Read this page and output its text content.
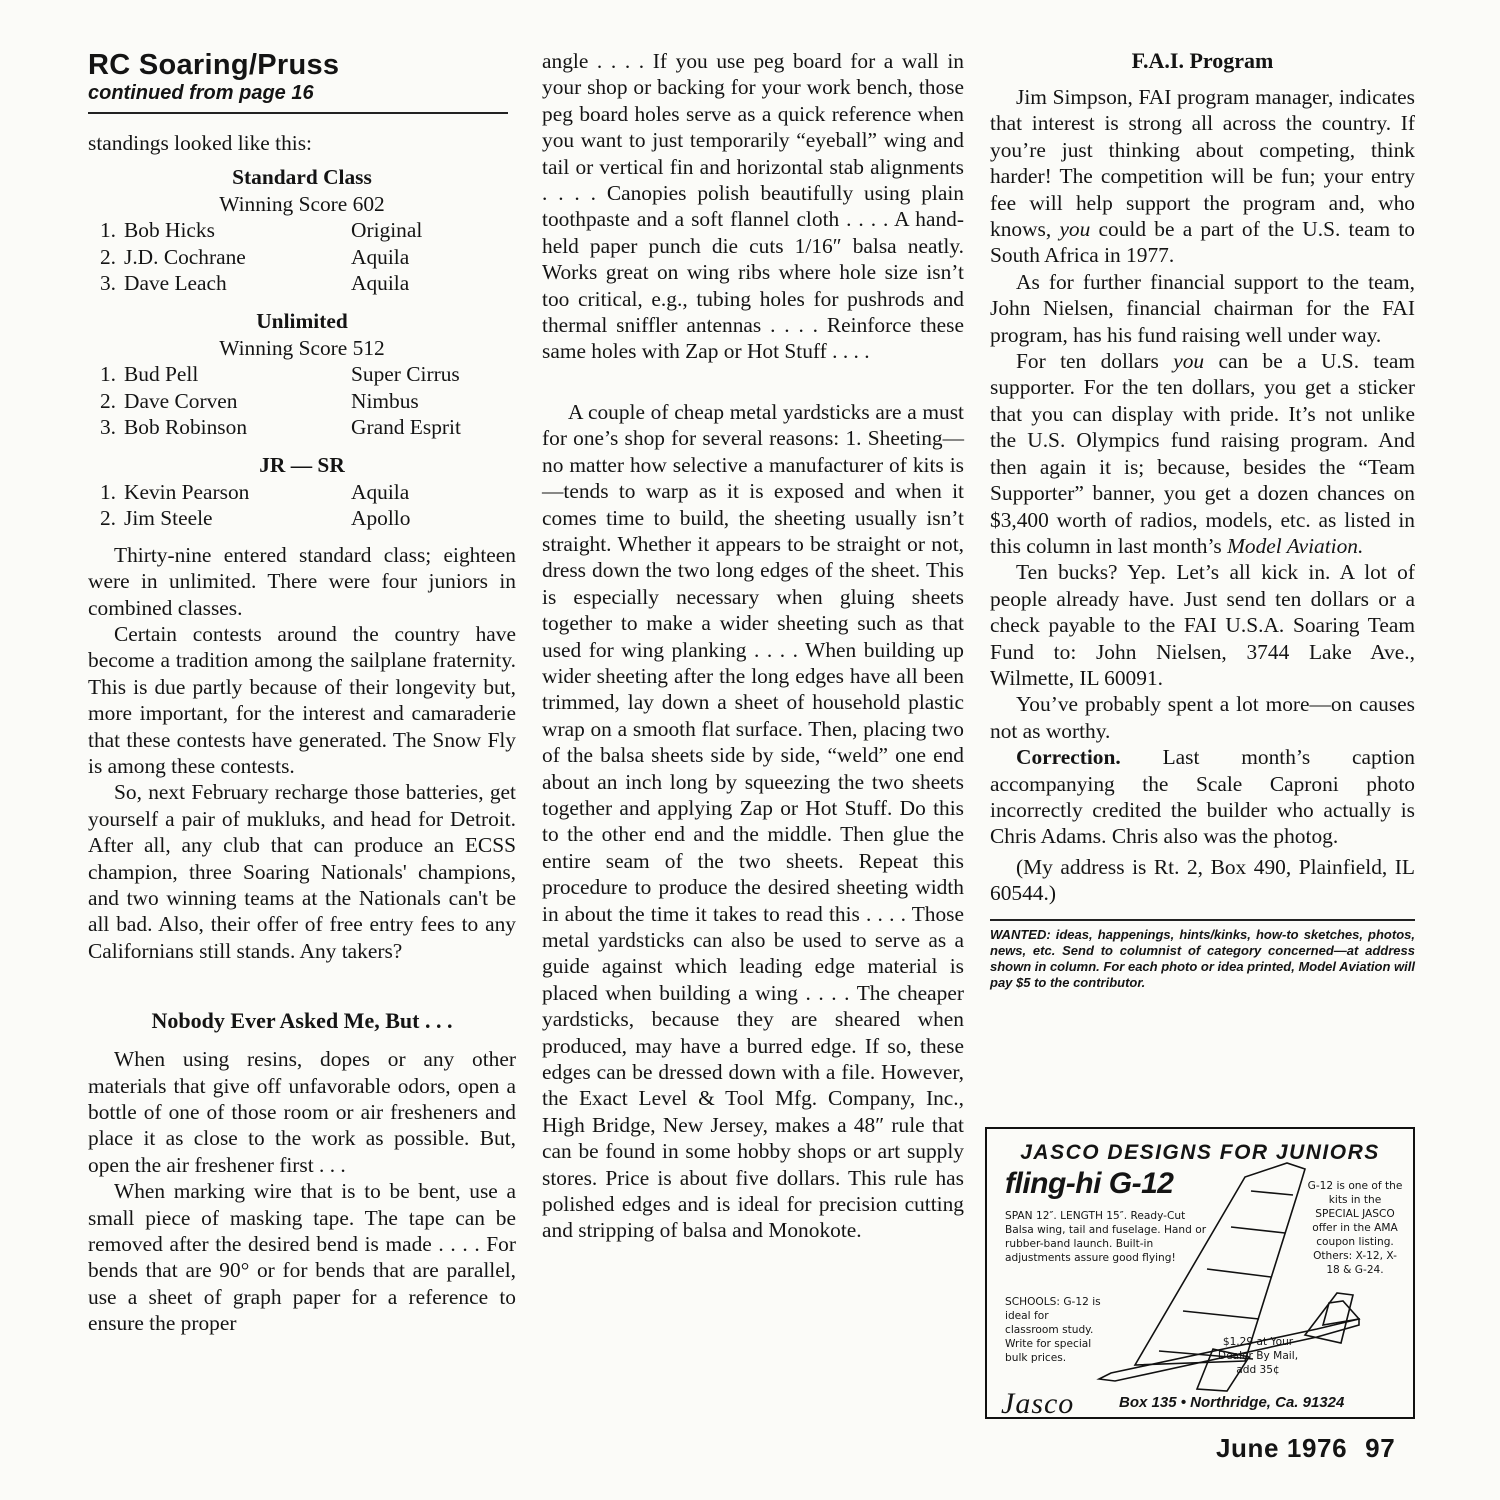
RC Soaring/Pruss

continued from page 16

standings looked like this:

Standard Class

Winning Score 602

1. Bob Hicks	Original
2. J.D. Cochrane	Aquila
3. Dave Leach	Aquila

Unlimited

Winning Score 512

1. Bud Pell	Super Cirrus
2. Dave Corven	Nimbus
3. Bob Robinson	Grand Esprit

JR — SR

1. Kevin Pearson	Aquila
2. Jim Steele	Apollo

Thirty-nine entered standard class; eighteen were in unlimited. There were four juniors in combined classes.

Certain contests around the country have become a tradition among the sailplane fraternity. This is due partly because of their longevity but, more important, for the interest and camaraderie that these contests have generated. The Snow Fly is among these contests.

So, next February recharge those batteries, get yourself a pair of mukluks, and head for Detroit. After all, any club that can produce an ECSS champion, three Soaring Nationals' champions, and two winning teams at the Nationals can't be all bad. Also, their offer of free entry fees to any Californians still stands. Any takers?

Nobody Ever Asked Me, But . . .

When using resins, dopes or any other materials that give off unfavorable odors, open a bottle of one of those room or air fresheners and place it as close to the work as possible. But, open the air freshener first . . .

When marking wire that is to be bent, use a small piece of masking tape. The tape can be removed after the desired bend is made . . . . For bends that are 90° or for bends that are parallel, use a sheet of graph paper for a reference to ensure the proper

angle . . . . If you use peg board for a wall in your shop or backing for your work bench, those peg board holes serve as a quick reference when you want to just temporarily “eyeball” wing and tail or vertical fin and horizontal stab alignments . . . . Canopies polish beautifully using plain toothpaste and a soft flannel cloth . . . . A hand-held paper punch die cuts 1/16″ balsa neatly. Works great on wing ribs where hole size isn’t too critical, e.g., tubing holes for pushrods and thermal sniffler antennas . . . . Reinforce these same holes with Zap or Hot Stuff . . . .

A couple of cheap metal yardsticks are a must for one’s shop for several reasons: 1. Sheeting—no matter how selective a manufacturer of kits is—tends to warp as it is exposed and when it comes time to build, the sheeting usually isn’t straight. Whether it appears to be straight or not, dress down the two long edges of the sheet. This is especially necessary when gluing sheets together to make a wider sheeting such as that used for wing planking . . . . When building up wider sheeting after the long edges have all been trimmed, lay down a sheet of household plastic wrap on a smooth flat surface. Then, placing two of the balsa sheets side by side, “weld” one end about an inch long by squeezing the two sheets together and applying Zap or Hot Stuff. Do this to the other end and the middle. Then glue the entire seam of the two sheets. Repeat this procedure to produce the desired sheeting width in about the time it takes to read this . . . . Those metal yardsticks can also be used to serve as a guide against which leading edge material is placed when building a wing . . . . The cheaper yardsticks, because they are sheared when produced, may have a burred edge. If so, these edges can be dressed down with a file. However, the Exact Level & Tool Mfg. Company, Inc., High Bridge, New Jersey, makes a 48″ rule that can be found in some hobby shops or art supply stores. Price is about five dollars. This rule has polished edges and is ideal for precision cutting and stripping of balsa and Monokote.

F.A.I. Program

Jim Simpson, FAI program manager, indicates that interest is strong all across the country. If you’re just thinking about competing, think harder! The competition will be fun; your entry fee will help support the program and, who knows, you could be a part of the U.S. team to South Africa in 1977.

As for further financial support to the team, John Nielsen, financial chairman for the FAI program, has his fund raising well under way.

For ten dollars you can be a U.S. team supporter. For the ten dollars, you get a sticker that you can display with pride. It’s not unlike the U.S. Olympics fund raising program. And then again it is; because, besides the “Team Supporter” banner, you get a dozen chances on $3,400 worth of radios, models, etc. as listed in this column in last month’s Model Aviation.

Ten bucks? Yep. Let’s all kick in. A lot of people already have. Just send ten dollars or a check payable to the FAI U.S.A. Soaring Team Fund to: John Nielsen, 3744 Lake Ave., Wilmette, IL 60091.

You’ve probably spent a lot more—on causes not as worthy.

Correction. Last month’s caption accompanying the Scale Caproni photo incorrectly credited the builder who actually is Chris Adams. Chris also was the photog.

(My address is Rt. 2, Box 490, Plainfield, IL 60544.)

WANTED: ideas, happenings, hints/kinks, how-to sketches, photos, news, etc. Send to columnist of category concerned—at address shown in column. For each photo or idea printed, Model Aviation will pay $5 to the contributor.

JASCO DESIGNS FOR JUNIORS
fling-hi G-12
SPAN 12″. LENGTH 15″. Ready-Cut Balsa wing, tail and fuselage. Hand or rubber-band launch. Built-in adjustments assure good flying!
SCHOOLS: G-12 is ideal for classroom study. Write for special bulk prices.
G-12 is one of the kits in the SPECIAL JASCO offer in the AMA coupon listing. Others: X-12, X-18 & G-24.
$1.29 at Your Dealer By Mail, add 35¢
Jasco	Box 135 • Northridge, Ca. 91324
June 1976 97
